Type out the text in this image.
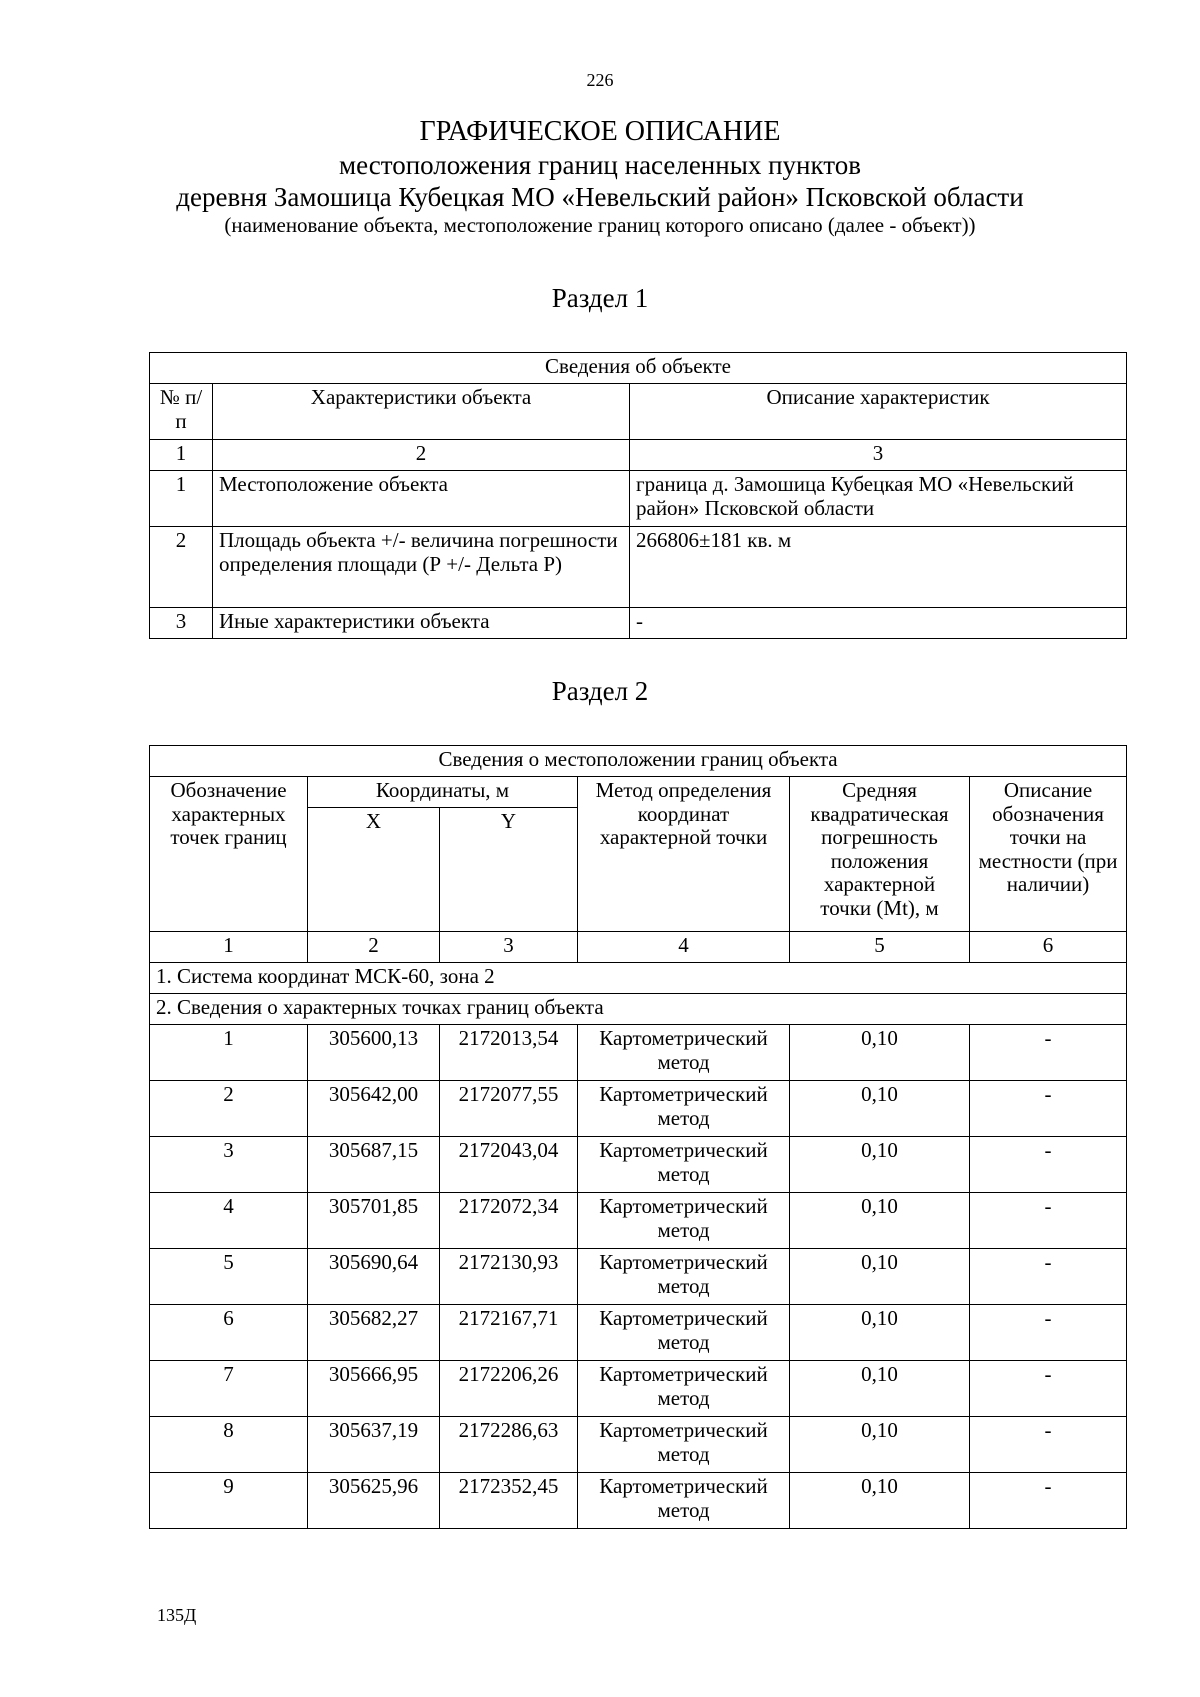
226
ГРАФИЧЕСКОЕ ОПИСАНИЕ
местоположения границ населенных пунктов
деревня Замошица Кубецкая МО «Невельский район» Псковской области
(наименование объекта, местоположение границ которого описано (далее - объект))
Раздел 1
Сведения об объекте		
№ п/п	Характеристики объекта	Описание характеристик
1	2	3
1	Местоположение объекта	граница д. Замошица Кубецкая МО «Невельский район» Псковской области
2	Площадь объекта +/- величина погрешности определения площади (Р +/- Дельта Р)	266806±181 кв. м
3	Иные характеристики объекта	-
Раздел 2
Сведения о местоположении границ объекта					
Обозначение характерных точек границ	Координаты, м		Метод определения координат характерной точки	Средняя квадратическая погрешность положения характерной точки (Mt), м	Описание обозначения точки на местности (при наличии)
	X	Y			
1	2	3	4	5	6
1. Система координат МСК-60, зона 2					
2. Сведения о характерных точках границ объекта					
1	305600,13	2172013,54	Картометрический метод	0,10	-
2	305642,00	2172077,55	Картометрический метод	0,10	-
3	305687,15	2172043,04	Картометрический метод	0,10	-
4	305701,85	2172072,34	Картометрический метод	0,10	-
5	305690,64	2172130,93	Картометрический метод	0,10	-
6	305682,27	2172167,71	Картометрический метод	0,10	-
7	305666,95	2172206,26	Картометрический метод	0,10	-
8	305637,19	2172286,63	Картометрический метод	0,10	-
9	305625,96	2172352,45	Картометрический метод	0,10	-
135Д
